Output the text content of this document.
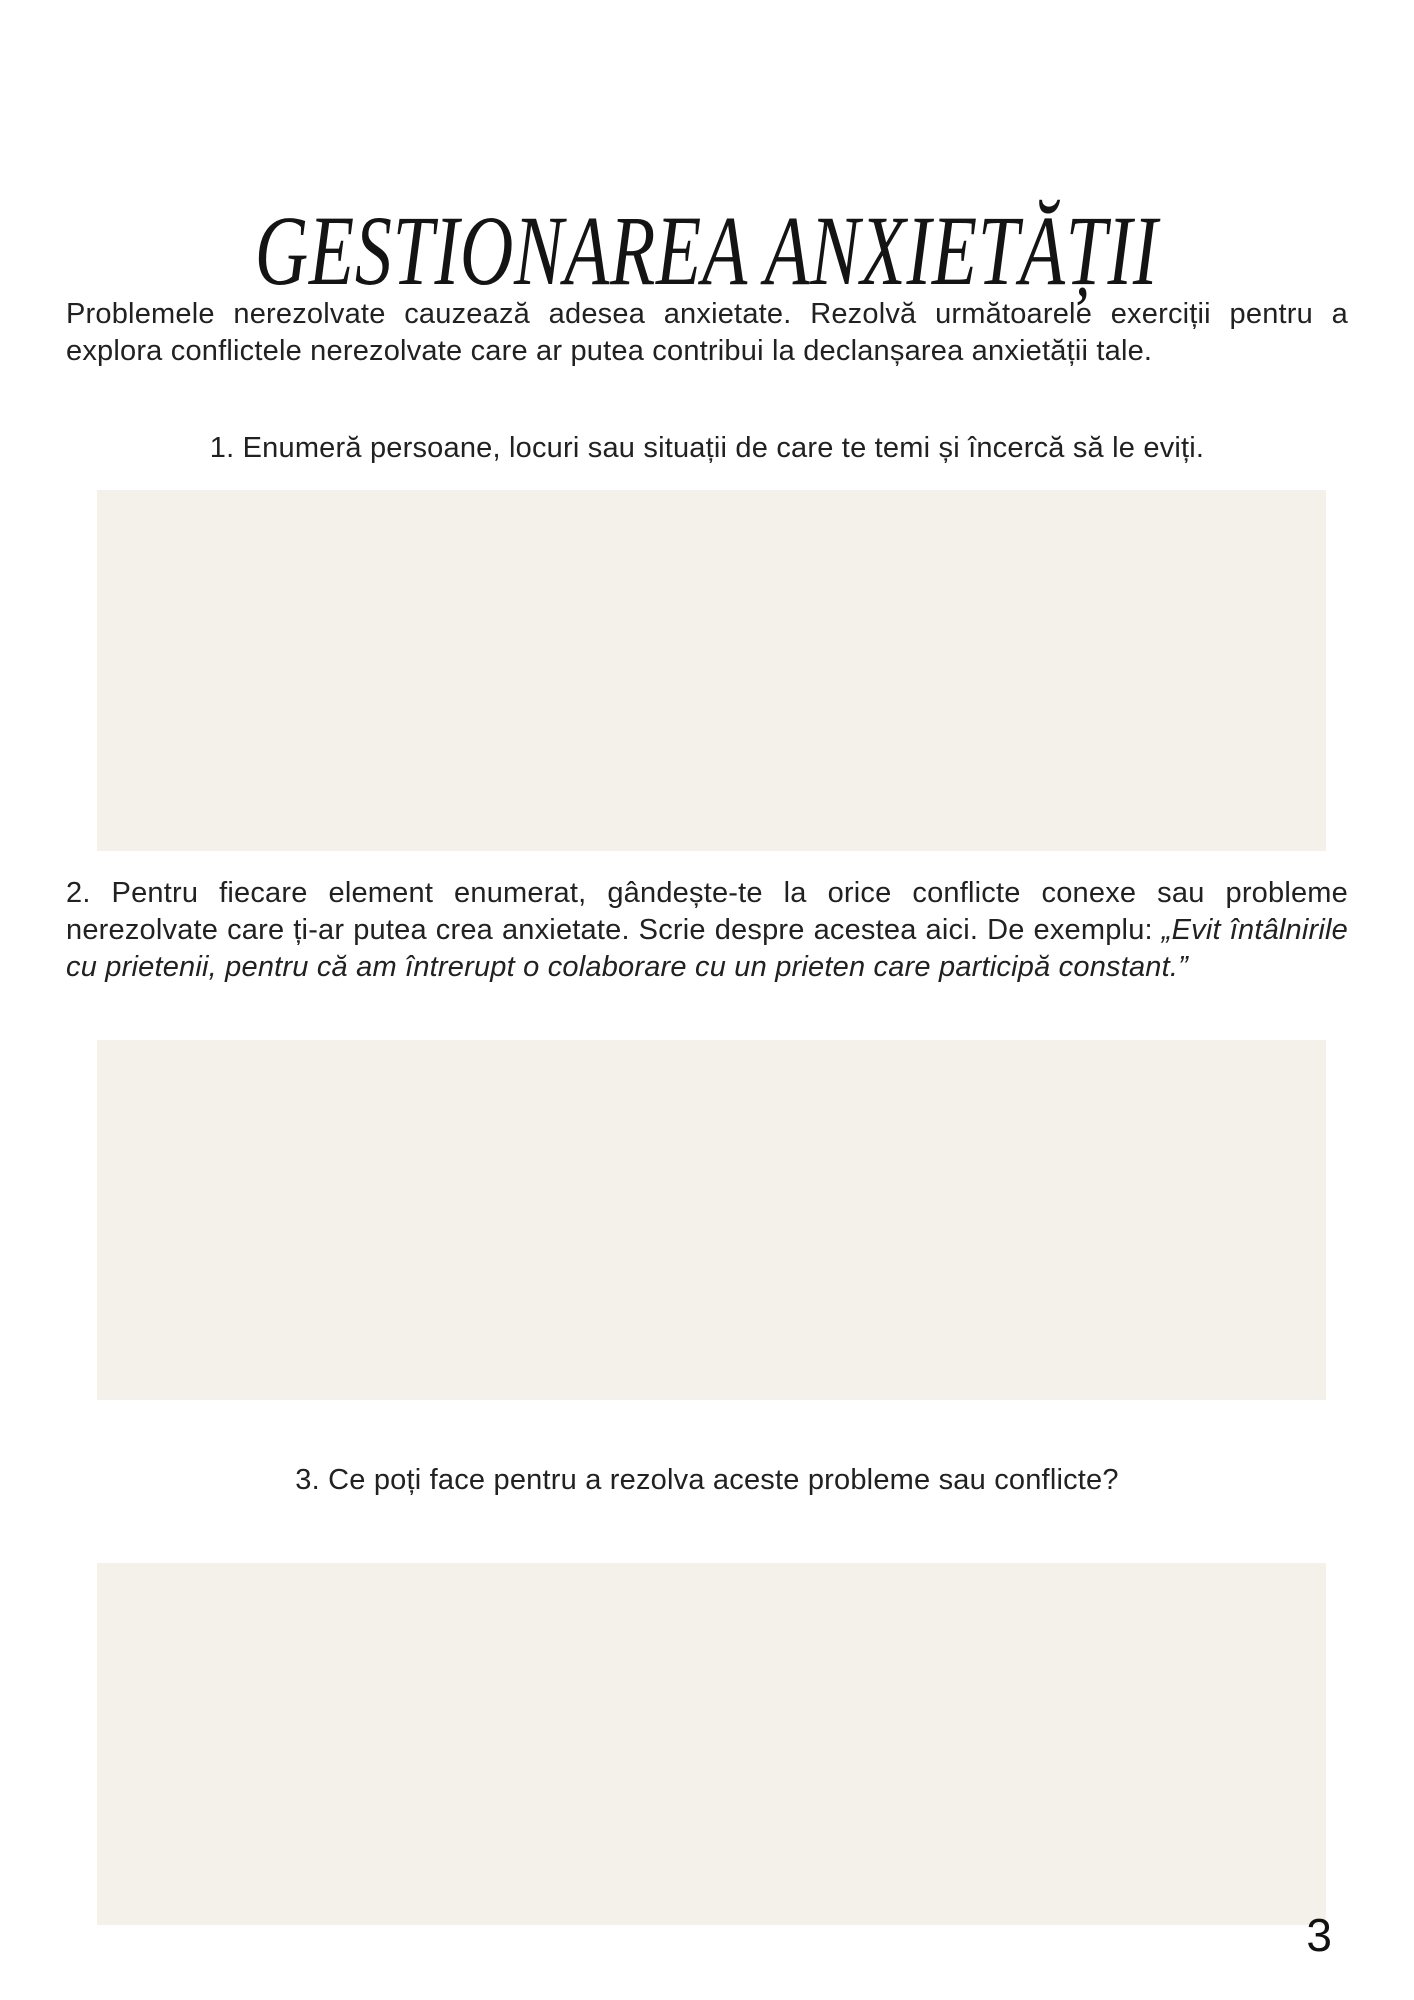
GESTIONAREA ANXIETĂȚII

Problemele nerezolvate cauzează adesea anxietate. Rezolvă următoarele exerciții pentru a explora conflictele nerezolvate care ar putea contribui la declanșarea anxietății tale.

1. Enumeră persoane, locuri sau situații de care te temi și încercă să le eviți.

2. Pentru fiecare element enumerat, gândește-te la orice conflicte conexe sau probleme nerezolvate care ți-ar putea crea anxietate. Scrie despre acestea aici. De exemplu: „Evit întâlnirile cu prietenii, pentru că am întrerupt o colaborare cu un prieten care participă constant.”

3. Ce poți face pentru a rezolva aceste probleme sau conflicte?
3
